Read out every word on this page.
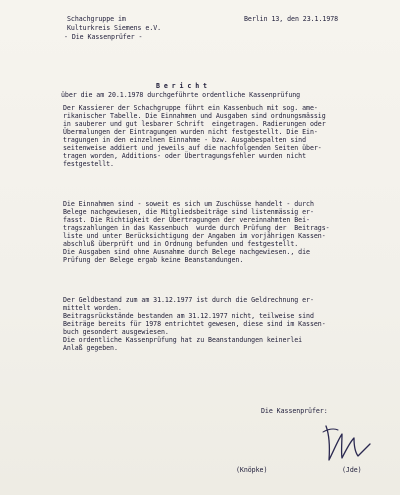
Schachgruppe im
Kulturkreis Siemens e.V.
- Die Kassenprüfer -
Berlin 13, den 23.1.1978
B e r i c h t
über die am 20.1.1978 durchgeführte ordentliche Kassenprüfung
Der Kassierer der Schachgruppe führt ein Kassenbuch mit sog. ame-
rikanischer Tabelle. Die Einnahmen und Ausgaben sind ordnungsmässig
in sauberer und gut lesbarer Schrift  eingetragen. Radierungen oder
Übermalungen der Eintragungen wurden nicht festgestellt. Die Ein-
tragungen in den einzelnen Einnahme - bzw. Ausgabespalten sind
seitenweise addiert und jeweils auf die nachfolgenden Seiten über-
tragen worden, Additions- oder Übertragungsfehler wurden nicht
festgestellt.
Die Einnahmen sind - soweit es sich um Zuschüsse handelt - durch
Belege nachgewiesen, die Mitgliedsbeiträge sind listenmässig er-
fasst. Die Richtigkeit der Übertragungen der vereinnahmten Bei-
tragszahlungen in das Kassenbuch  wurde durch Prüfung der  Beitrags-
liste und unter Berücksichtigung der Angaben im vorjährigen Kassen-
abschluß überprüft und in Ordnung befunden und festgestellt.
Die Ausgaben sind ohne Ausnahme durch Belege nachgewiesen., die
Prüfung der Belege ergab keine Beanstandungen.
Der Geldbestand zum am 31.12.1977 ist durch die Geldrechnung er-
mittelt worden.
Beitragsrückstände bestanden am 31.12.1977 nicht, teilweise sind
Beiträge bereits für 1978 entrichtet gewesen, diese sind im Kassen-
buch gesondert ausgewiesen.
Die ordentliche Kassenprüfung hat zu Beanstandungen keinerlei
Anlaß gegeben.
Die Kassenprüfer:
(Knöpke)	(Jde)
